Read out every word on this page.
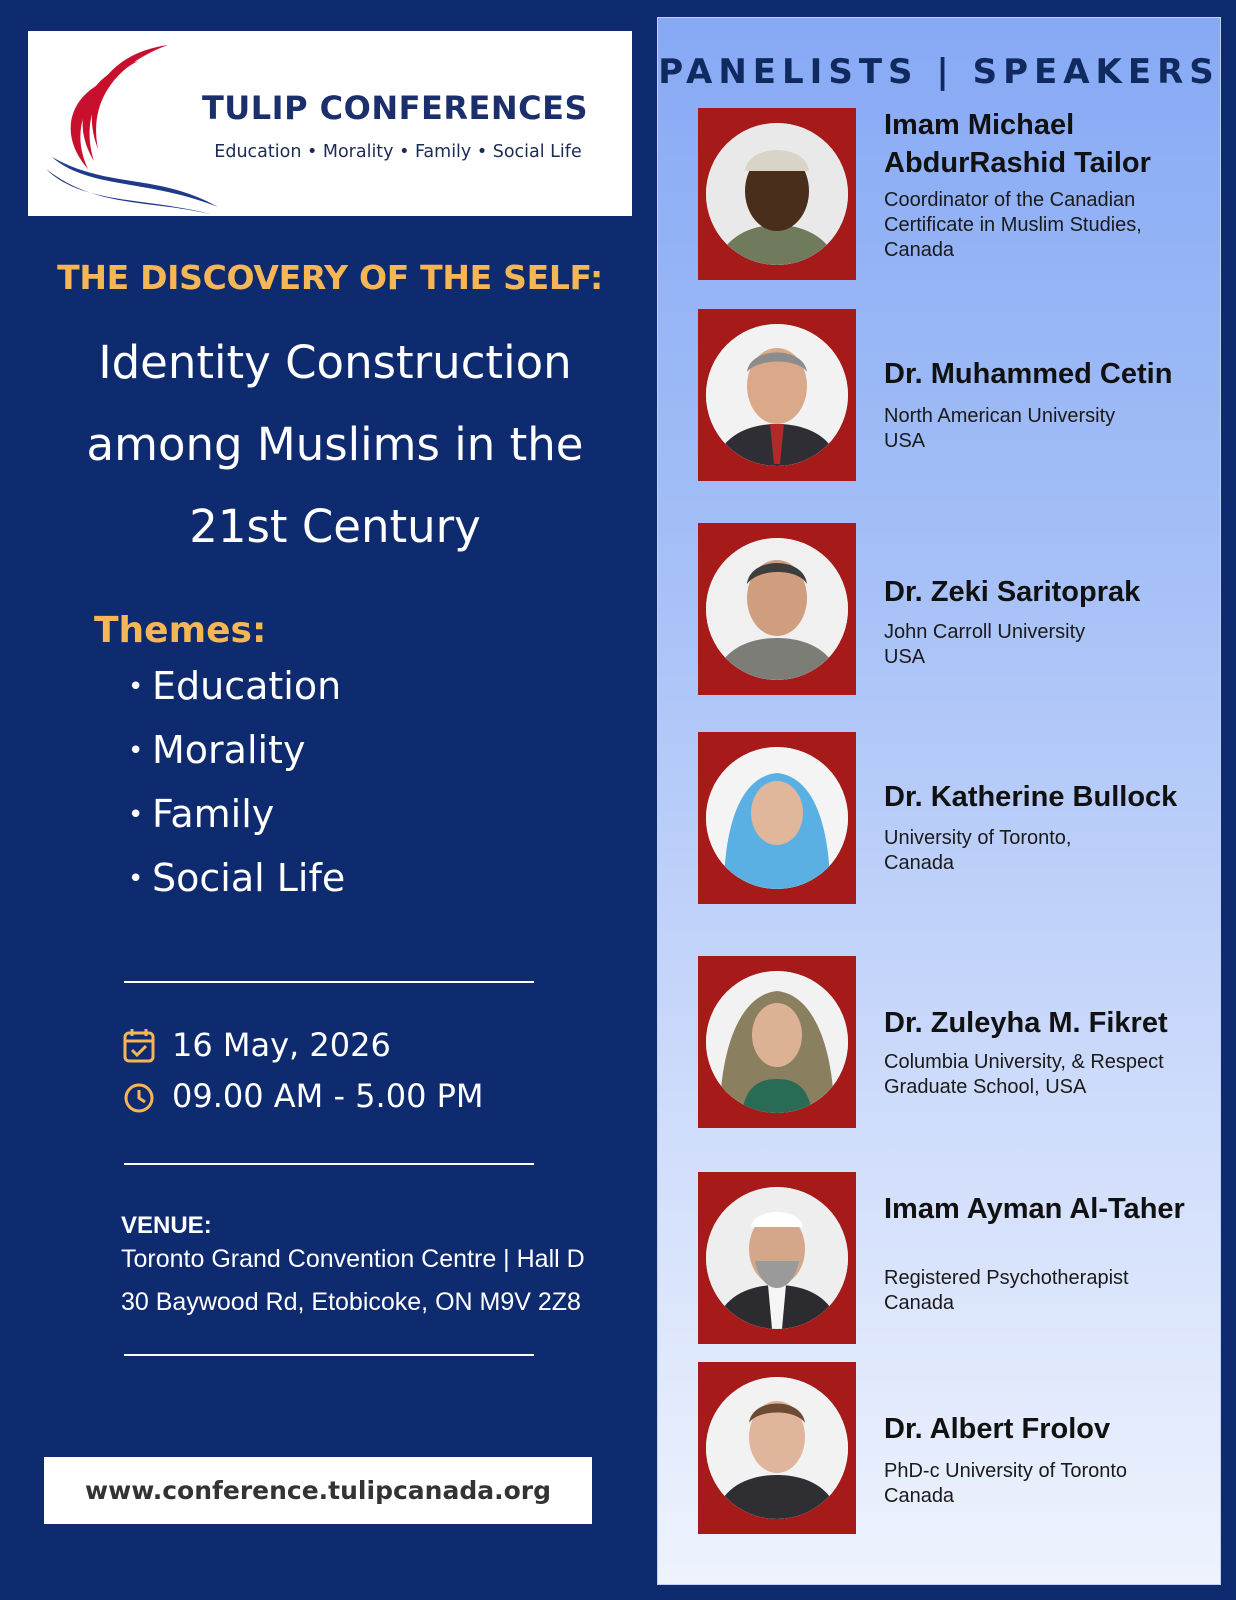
TULIP CONFERENCES
Education • Morality • Family • Social Life
THE DISCOVERY OF THE SELF:
Identity Construction
among Muslims in the
21st Century
Themes:
• Education
• Morality
• Family
• Social Life
16 May, 2026
09.00 AM - 5.00 PM
VENUE:
Toronto Grand Convention Centre | Hall D
30 Baywood Rd, Etobicoke, ON M9V 2Z8
www.conference.tulipcanada.org
PANELISTS | SPEAKERS
Imam Michael AbdurRashid Tailor
Coordinator of the Canadian
Certificate in Muslim Studies,
Canada
Dr. Muhammed Cetin
North American University
USA
Dr. Zeki Saritoprak
John Carroll University
USA
Dr. Katherine Bullock
University of Toronto,
Canada
Dr. Zuleyha M. Fikret
Columbia University, & Respect
Graduate School, USA
Imam Ayman Al-Taher
Registered Psychotherapist
Canada
Dr. Albert Frolov
PhD-c University of Toronto
Canada
